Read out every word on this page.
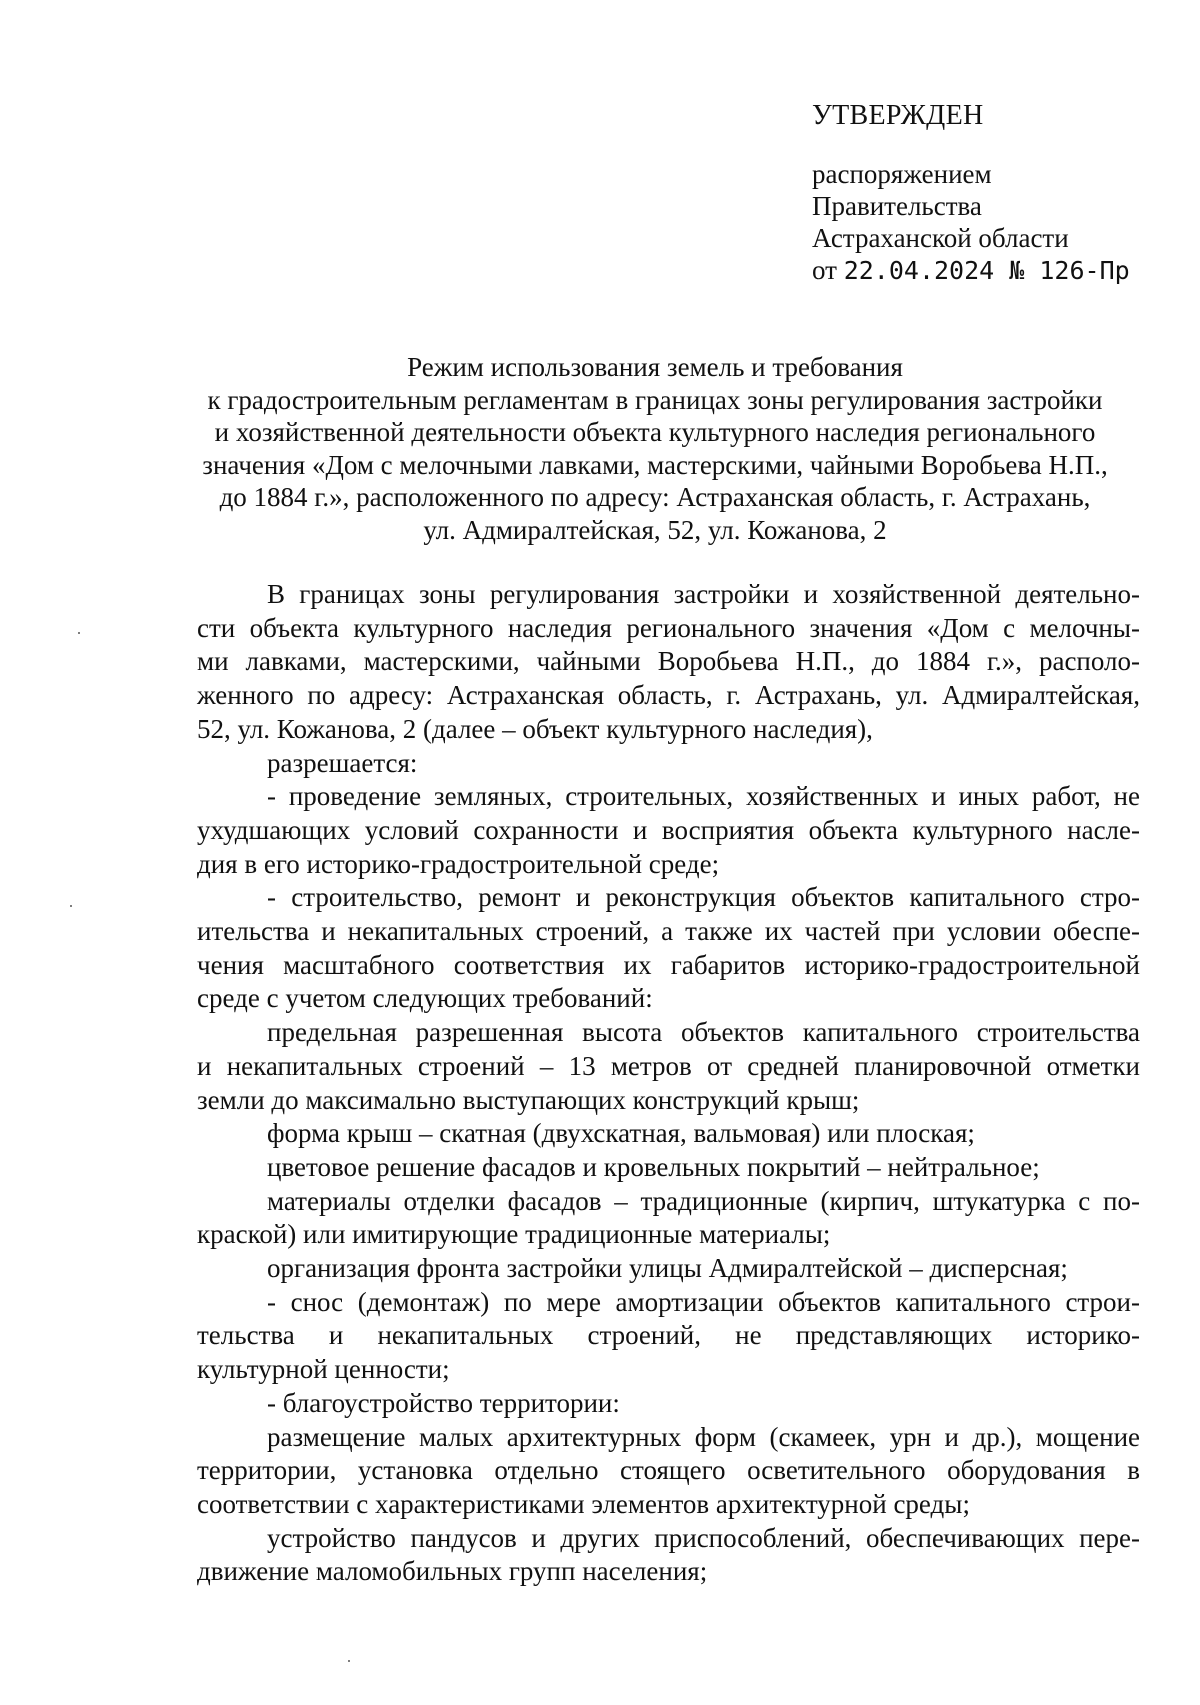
УТВЕРЖДЕН
распоряжением
Правительства
Астраханской области
от 22.04.2024 № 126-Пр
Режим использования земель и требования
к градостроительным регламентам в границах зоны регулирования застройки
и хозяйственной деятельности объекта культурного наследия регионального
значения «Дом с мелочными лавками, мастерскими, чайными Воробьева Н.П.,
до 1884 г.», расположенного по адресу: Астраханская область, г. Астрахань,
ул. Адмиралтейская, 52, ул. Кожанова, 2
В границах зоны регулирования застройки и хозяйственной деятельно-
сти объекта культурного наследия регионального значения «Дом с мелочны-
ми лавками, мастерскими, чайными Воробьева Н.П., до 1884 г.», располо-
женного по адресу: Астраханская область, г. Астрахань, ул. Адмиралтейская,
52, ул. Кожанова, 2 (далее – объект культурного наследия),
разрешается:
- проведение земляных, строительных, хозяйственных и иных работ, не
ухудшающих условий сохранности и восприятия объекта культурного насле-
дия в его историко-градостроительной среде;
- строительство, ремонт и реконструкция объектов капитального стро-
ительства и некапитальных строений, а также их частей при условии обеспе-
чения масштабного соответствия их габаритов историко-градостроительной
среде с учетом следующих требований:
предельная разрешенная высота объектов капитального строительства
и некапитальных строений – 13 метров от средней планировочной отметки
земли до максимально выступающих конструкций крыш;
форма крыш – скатная (двухскатная, вальмовая) или плоская;
цветовое решение фасадов и кровельных покрытий – нейтральное;
материалы отделки фасадов – традиционные (кирпич, штукатурка с по-
краской) или имитирующие традиционные материалы;
организация фронта застройки улицы Адмиралтейской – дисперсная;
- снос (демонтаж) по мере амортизации объектов капитального строи-
тельства и некапитальных строений, не представляющих историко-
культурной ценности;
- благоустройство территории:
размещение малых архитектурных форм (скамеек, урн и др.), мощение
территории, установка отдельно стоящего осветительного оборудования в
соответствии с характеристиками элементов архитектурной среды;
устройство пандусов и других приспособлений, обеспечивающих пере-
движение маломобильных групп населения;
